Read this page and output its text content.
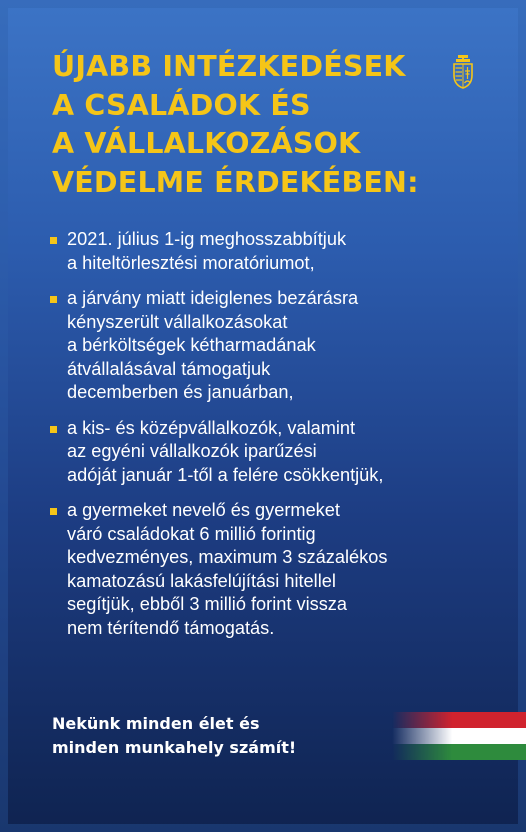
ÚJABB INTÉZKEDÉSEK
A CSALÁDOK ÉS
A VÁLLALKOZÁSOK
VÉDELME ÉRDEKÉBEN:
2021. július 1-ig meghosszabbítjuk
a hiteltörlesztési moratóriumot,
a járvány miatt ideiglenes bezárásra
kényszerült vállalkozásokat
a bérköltségek kétharmadának
átvállalásával támogatjuk
decemberben és januárban,
a kis- és középvállalkozók, valamint
az egyéni vállalkozók iparűzési
adóját január 1-től a felére csökkentjük,
a gyermeket nevelő és gyermeket
váró családokat 6 millió forintig
kedvezményes, maximum 3 százalékos
kamatozású lakásfelújítási hitellel
segítjük, ebből 3 millió forint vissza
nem térítendő támogatás.

Nekünk minden élet és
minden munkahely számít!
